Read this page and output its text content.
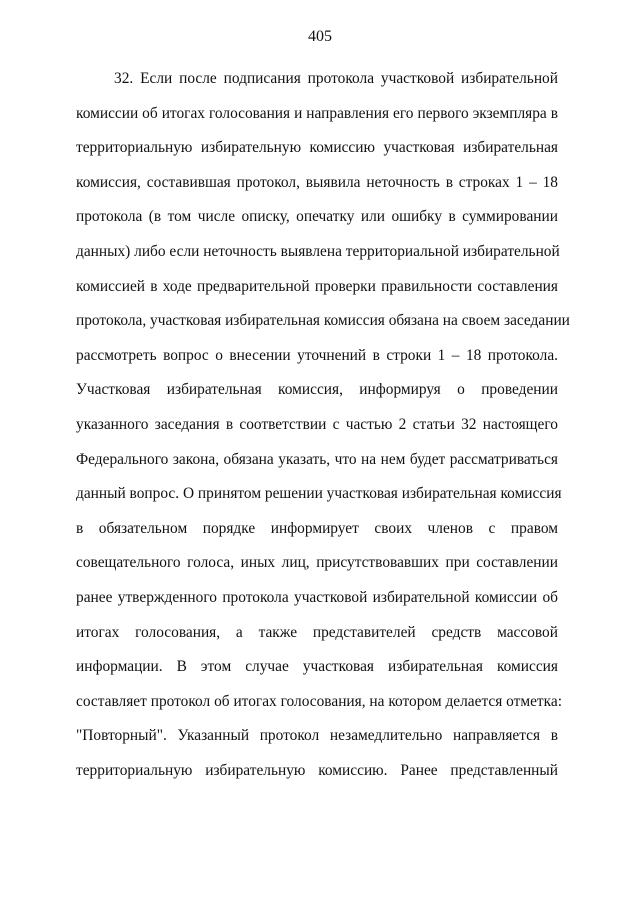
405
32. Если после подписания протокола участковой избирательной
комиссии об итогах голосования и направления его первого экземпляра в
территориальную избирательную комиссию участковая избирательная
комиссия, составившая протокол, выявила неточность в строках 1 – 18
протокола (в том числе описку, опечатку или ошибку в суммировании
данных) либо если неточность выявлена территориальной избирательной
комиссией в ходе предварительной проверки правильности составления
протокола, участковая избирательная комиссия обязана на своем заседании
рассмотреть вопрос о внесении уточнений в строки 1 – 18 протокола.
Участковая избирательная комиссия, информируя о проведении
указанного заседания в соответствии с частью 2 статьи 32 настоящего
Федерального закона, обязана указать, что на нем будет рассматриваться
данный вопрос. О принятом решении участковая избирательная комиссия
в обязательном порядке информирует своих членов с правом
совещательного голоса, иных лиц, присутствовавших при составлении
ранее утвержденного протокола участковой избирательной комиссии об
итогах голосования, а также представителей средств массовой
информации. В этом случае участковая избирательная комиссия
составляет протокол об итогах голосования, на котором делается отметка:
"Повторный". Указанный протокол незамедлительно направляется в
территориальную избирательную комиссию. Ранее представленный
